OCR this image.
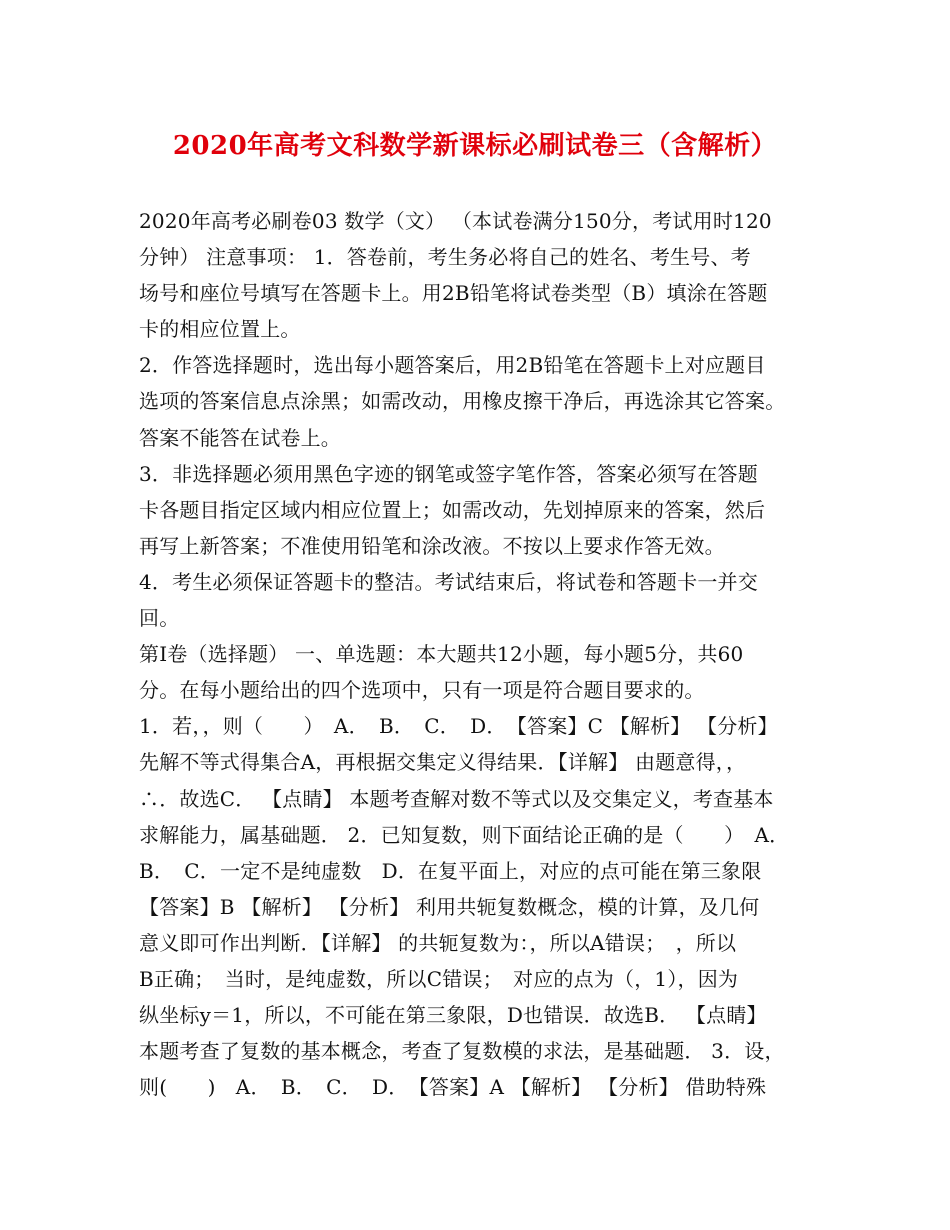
2020年高考文科数学新课标必刷试卷三（含解析）
2020年高考必刷卷03 数学（文） （本试卷满分150分，考试用时120
分钟） 注意事项： 1．答卷前，考生务必将自己的姓名、考生号、考
场号和座位号填写在答题卡上。用2B铅笔将试卷类型（B）填涂在答题
卡的相应位置上。
2．作答选择题时，选出每小题答案后，用2B铅笔在答题卡上对应题目
选项的答案信息点涂黑；如需改动，用橡皮擦干净后，再选涂其它答案。
答案不能答在试卷上。
3．非选择题必须用黑色字迹的钢笔或签字笔作答，答案必须写在答题
卡各题目指定区域内相应位置上；如需改动，先划掉原来的答案，然后
再写上新答案；不准使用铅笔和涂改液。不按以上要求作答无效。
4．考生必须保证答题卡的整洁。考试结束后，将试卷和答题卡一并交
回。
第Ⅰ卷（选择题） 一、单选题：本大题共12小题，每小题5分，共60
分。在每小题给出的四个选项中，只有一项是符合题目要求的。
1．若，，则（　　）　A．　B．　C．　D．　【答案】C 【解析】 【分析】
先解不等式得集合A，再根据交集定义得结果．【详解】 由题意得，，
∴．故选C． 【点睛】 本题考查解对数不等式以及交集定义，考查基本
求解能力，属基础题． 2．已知复数，则下面结论正确的是（　　）　A．
B．　C．一定不是纯虚数　D．在复平面上，对应的点可能在第三象限
【答案】B 【解析】 【分析】 利用共轭复数概念，模的计算，及几何
意义即可作出判断．【详解】 的共轭复数为：，所以A错误；　，所以
B正确；　当时，是纯虚数，所以C错误；　对应的点为（，1），因为
纵坐标y＝1，所以，不可能在第三象限，D也错误．故选B． 【点睛】
本题考查了复数的基本概念，考查了复数模的求法，是基础题． 3．设，
则(　　)　A．　B．　C．　D．　【答案】A 【解析】 【分析】 借助特殊
